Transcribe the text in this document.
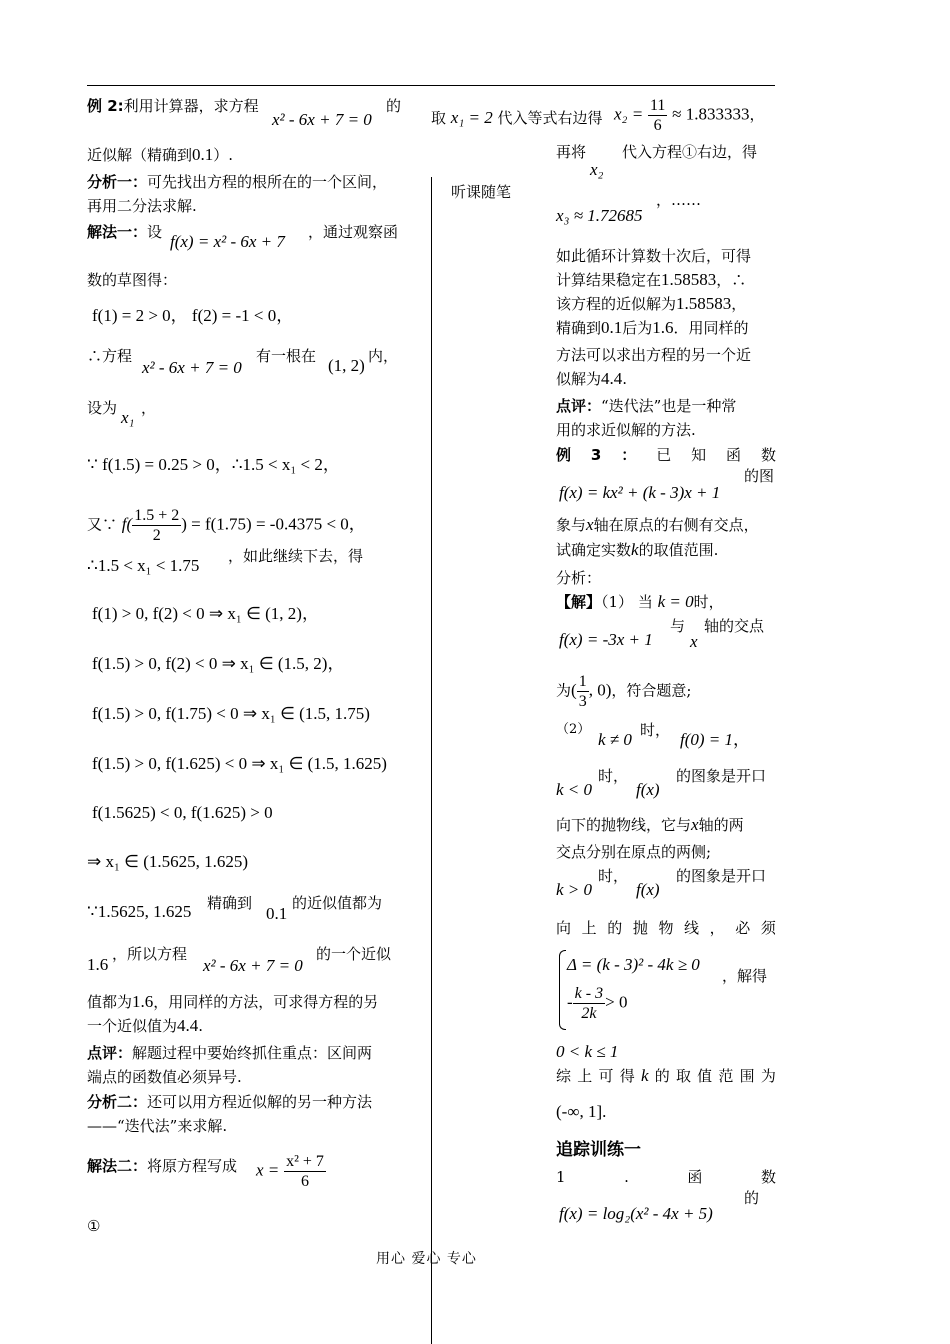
例 2:利用计算器，求方程
x² - 6x + 7 = 0
的
近似解（精确到0.1）.
分析一：可先找出方程的根所在的一个区间，
再用二分法求解.
解法一：设 f(x) = x² - 6x + 7 ，通过观察函
数的草图得：
f(1) = 2 > 0， f(2) = -1 < 0，
∴方程
x² - 6x + 7 = 0
有一根在 (1, 2) 内，
设为 x₁ ，
∵ f(1.5) = 0.25 > 0，∴1.5 < x₁ < 2，
又∵ $f( \frac{1.5 + 2}{2}$ ) = f(1.75) = -0.4375 < 0，
∴1.5 < x₁ < 1.75 ，如此继续下去，得
f(1) > 0, f(2) < 0 ⇒ x₁ ∈ (1, 2)，
f(1.5) > 0, f(2) < 0 ⇒ x₁ ∈ (1.5, 2)，
f(1.5) > 0, f(1.75) < 0 ⇒ x₁ ∈ (1.5, 1.75)
f(1.5) > 0, f(1.625) < 0 ⇒ x₁ ∈ (1.5, 1.625)
f(1.5625) < 0, f(1.625) > 0
⇒ x₁ ∈ (1.5625, 1.625)
∵1.5625, 1.625 精确到
0.1
的近似值都为
1.6
，所以方程
x² - 6x + 7 = 0
的一个近似
值都为1.6，用同样的方法，可求得方程的另
一个近似值为4.4.
点评：解题过程中要始终抓住重点：区间两
端点的函数值必须异号.
分析二：还可以用方程近似解的另一种方法
——“迭代法”来求解.
解法二：将原方程写成 $x = \frac{\text{x² + 7}}{6}$
①
听课随笔
取 x₁ = 2 代入等式右边得 $x_2 = \frac{11}{6} \approx 1.833333$，
再将
x₂
代入方程①右边，得
x₃ ≈ 1.72685
，……
如此循环计算数十次后，可得
计算结果稳定在1.58583，∴
该方程的近似解为1.58583，
精确到0.1后为1.6．用同样的
方法可以求出方程的另一个近
似解为4.4.
点评：“迭代法”也是一种常
用的求近似解的方法.
例 3 ： 已 知 函 数
f(x) = kx² + (k - 3)x + 1
的图
象与x轴在原点的右侧有交点，
试确定实数k的取值范围.
分析：
【解】（1） 当 k = 0时，
f(x) = -3x + 1
与
x
轴的交点
为( $\frac{1}{3}$ , 0)，符合题意;
（2）
k ≠ 0 时， f(0) = 1，
k < 0
时，
f(x)
的图象是开口
向下的抛物线，它与x轴的两
交点分别在原点的两侧;
k > 0
时，
f(x)
的图象是开口
向 上 的 抛 物 线 ， 必 须
Δ = (k - 3)² - 4k ≥ 0
，解得
- $\frac{k - 3}{2k} > 0$
0 < k ≤ 1
综 上 可 得 k 的 取 值 范 围 为
(-∞, 1].
追踪训练一
1	.	函	数
f(x) = log₂(x² - 4x + 5)
的
用心 爱心 专心
